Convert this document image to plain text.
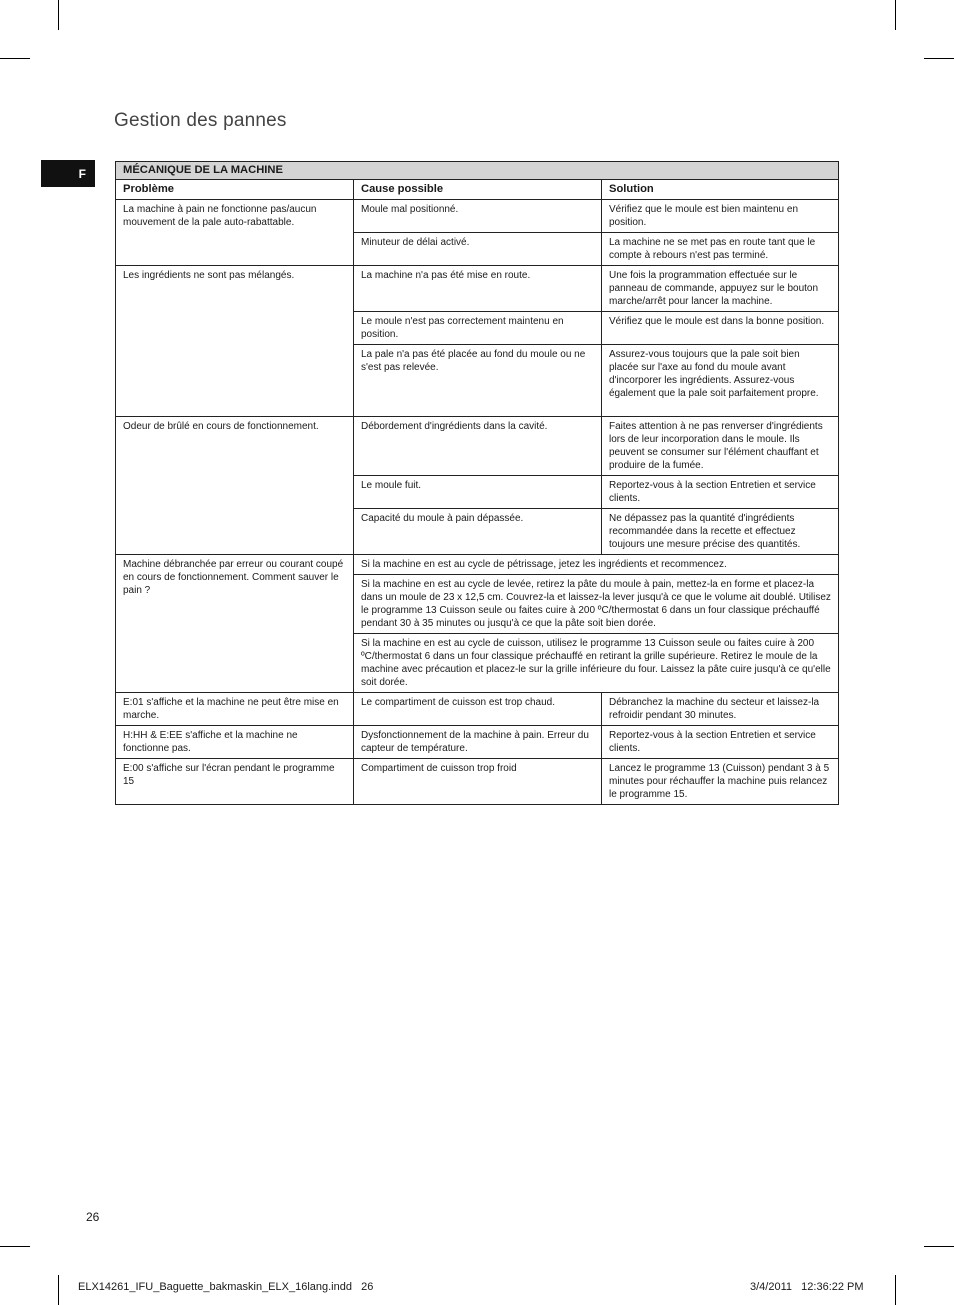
Gestion des pannes
F	MÉCANIQUE DE LA MACHINE		
Problème	Cause possible	Solution
La machine à pain ne fonctionne pas/aucun mouvement de la pale auto-rabattable.	Moule mal positionné.	Vérifiez que le moule est bien maintenu en position.
	Minuteur de délai activé.	La machine ne se met pas en route tant que le compte à rebours n'est pas terminé.
Les ingrédients ne sont pas mélangés.	La machine n'a pas été mise en route.	Une fois la programmation effectuée sur le panneau de commande, appuyez sur le bouton marche/arrêt pour lancer la machine.
	Le moule n'est pas correctement maintenu en position.	Vérifiez que le moule est dans la bonne position.
	La pale n'a pas été placée au fond du moule ou ne s'est pas relevée.	Assurez-vous toujours que la pale soit bien placée sur l'axe au fond du moule avant d'incorporer les ingrédients. Assurez-vous également que la pale soit parfaitement propre.
Odeur de brûlé en cours de fonctionnement.	Débordement d'ingrédients dans la cavité.	Faites attention à ne pas renverser d'ingrédients lors de leur incorporation dans le moule. Ils peuvent se consumer sur l'élément chauffant et produire de la fumée.
	Le moule fuit.	Reportez-vous à la section Entretien et service clients.
	Capacité du moule à pain dépassée.	Ne dépassez pas la quantité d'ingrédients recommandée dans la recette et effectuez toujours une mesure précise des quantités.
Machine débranchée par erreur ou courant coupé en cours de fonctionnement. Comment sauver le pain ?	Si la machine en est au cycle de pétrissage, jetez les ingrédients et recommencez.	
	Si la machine en est au cycle de levée, retirez la pâte du moule à pain, mettez-la en forme et placez-la dans un moule de 23 x 12,5 cm. Couvrez-la et laissez-la lever jusqu'à ce que le volume ait doublé. Utilisez le programme 13 Cuisson seule ou faites cuire à 200 ºC/thermostat 6 dans un four classique préchauffé pendant 30 à 35 minutes ou jusqu'à ce que la pâte soit bien dorée.	
	Si la machine en est au cycle de cuisson, utilisez le programme 13 Cuisson seule ou faites cuire à 200 ºC/thermostat 6 dans un four classique préchauffé en retirant la grille supérieure. Retirez le moule de la machine avec précaution et placez-le sur la grille inférieure du four. Laissez la pâte cuire jusqu'à ce qu'elle soit dorée.	
E:01 s'affiche et la machine ne peut être mise en marche.	Le compartiment de cuisson est trop chaud.	Débranchez la machine du secteur et laissez-la refroidir pendant 30 minutes.
H:HH & E:EE s'affiche et la machine ne fonctionne pas.	Dysfonctionnement de la machine à pain. Erreur du capteur de température.	Reportez-vous à la section Entretien et service clients.
E:00 s'affiche sur l'écran pendant le programme 15	Compartiment de cuisson trop froid	Lancez le programme 13 (Cuisson) pendant 3 à 5 minutes pour réchauffer la machine puis relancez le programme 15.
26
ELX14261_IFU_Baguette_bakmaskin_ELX_16lang.indd   26	3/4/2011   12:36:22 PM
